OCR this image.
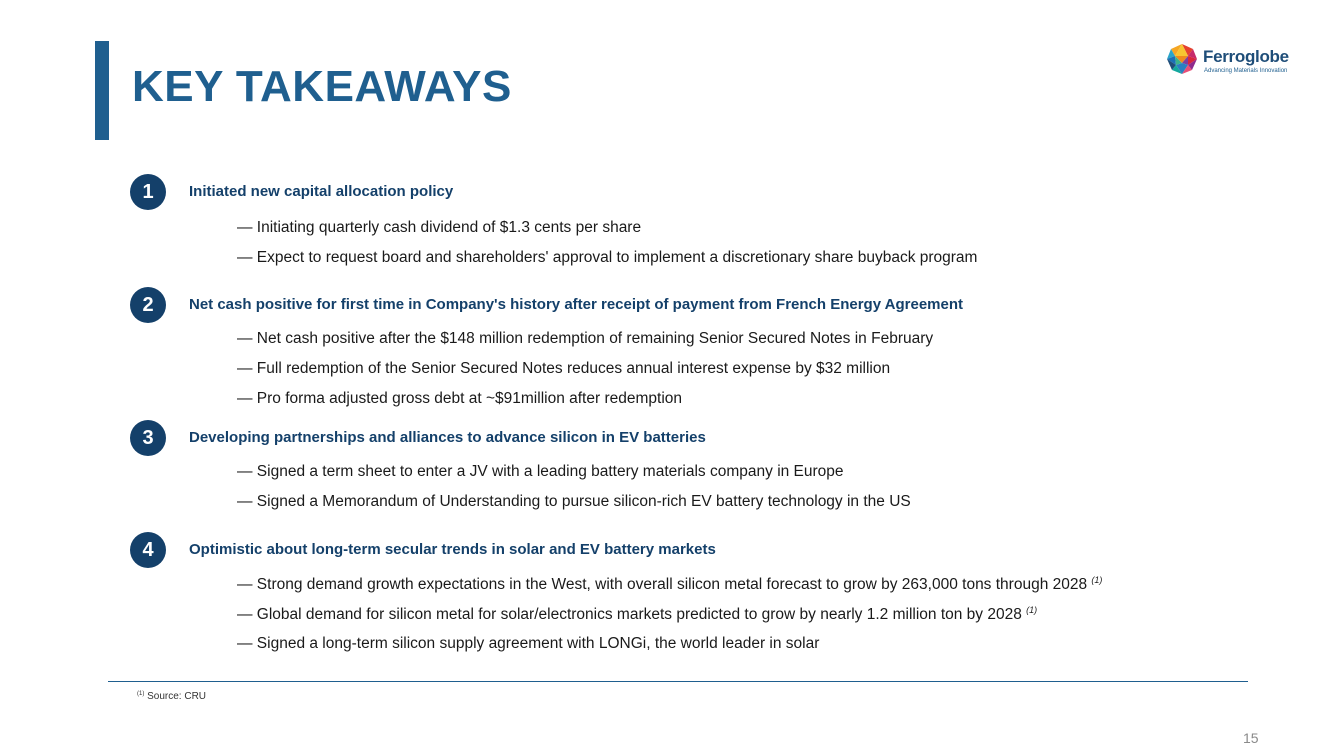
KEY TAKEAWAYS
Ferroglobe
Advancing Materials Innovation
1	Initiated new capital allocation policy
— Initiating quarterly cash dividend of $1.3 cents per share
— Expect to request board and shareholders' approval to implement a discretionary share buyback program
2	Net cash positive for first time in Company's history after receipt of payment from French Energy Agreement
— Net cash positive after the $148 million redemption of remaining Senior Secured Notes in February
— Full redemption of the Senior Secured Notes reduces annual interest expense by $32 million
— Pro forma adjusted gross debt at ~$91million after redemption
3	Developing partnerships and alliances to advance silicon in EV batteries
— Signed a term sheet to enter a JV with a leading battery materials company in Europe
— Signed a Memorandum of Understanding to pursue silicon-rich EV battery technology in the US
4	Optimistic about long-term secular trends in solar and EV battery markets
— Strong demand growth expectations in the West, with overall silicon metal forecast to grow by 263,000 tons through 2028 $^{(1)}$
— Global demand for silicon metal for solar/electronics markets predicted to grow by nearly 1.2 million ton by 2028 $^{(1)}$
— Signed a long-term silicon supply agreement with LONGi, the world leader in solar
$^{(1)}$ Source: CRU
15
